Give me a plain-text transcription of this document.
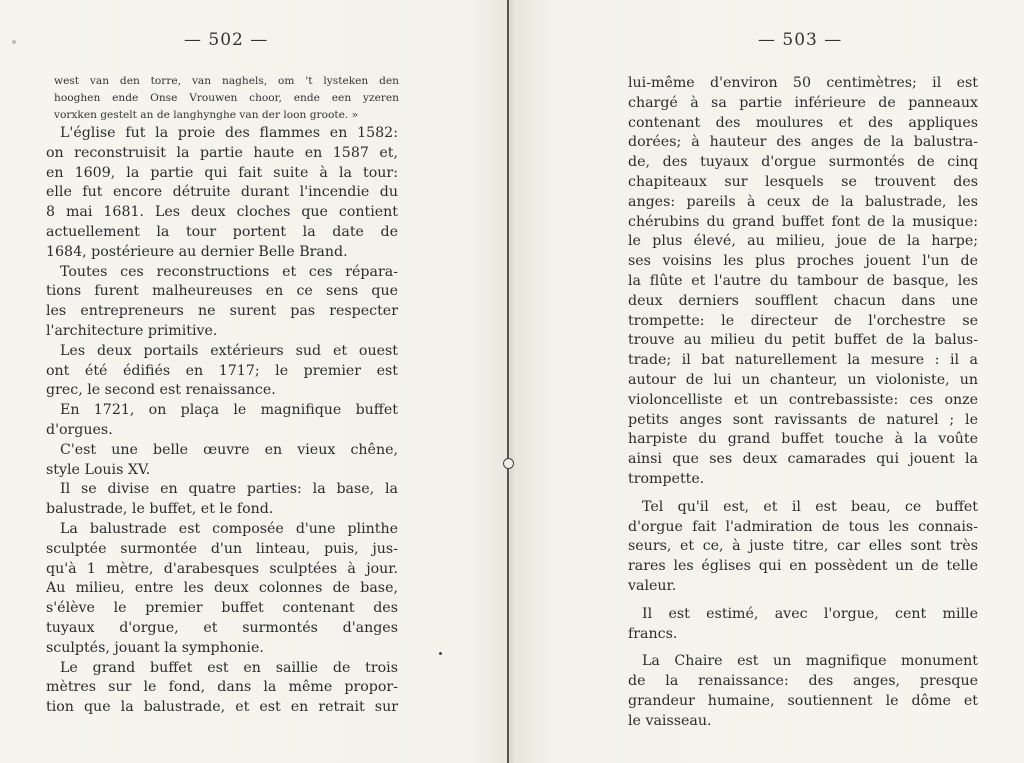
— 502 —
west van den torre, van naghels, om 't lysteken den
hooghen ende Onse Vrouwen choor, ende een yzeren
vorxken gestelt an de langhynghe van der loon groote. »
L'église fut la proie des flammes en 1582:
on reconstruisit la partie haute en 1587 et,
en 1609, la partie qui fait suite à la tour:
elle fut encore détruite durant l'incendie du
8 mai 1681. Les deux cloches que contient
actuellement la tour portent la date de
1684, postérieure au dernier Belle Brand.
Toutes ces reconstructions et ces répara-
tions furent malheureuses en ce sens que
les entrepreneurs ne surent pas respecter
l'architecture primitive.
Les deux portails extérieurs sud et ouest
ont été édifiés en 1717; le premier est
grec, le second est renaissance.
En 1721, on plaça le magnifique buffet
d'orgues.
C'est une belle œuvre en vieux chêne,
style Louis XV.
Il se divise en quatre parties: la base, la
balustrade, le buffet, et le fond.
La balustrade est composée d'une plinthe
sculptée surmontée d'un linteau, puis, jus-
qu'à 1 mètre, d'arabesques sculptées à jour.
Au milieu, entre les deux colonnes de base,
s'élève le premier buffet contenant des
tuyaux d'orgue, et surmontés d'anges
sculptés, jouant la symphonie.
Le grand buffet est en saillie de trois
mètres sur le fond, dans la même propor-
tion que la balustrade, et est en retrait sur
— 503 —
lui-même d'environ 50 centimètres; il est
chargé à sa partie inférieure de panneaux
contenant des moulures et des appliques
dorées; à hauteur des anges de la balustra-
de, des tuyaux d'orgue surmontés de cinq
chapiteaux sur lesquels se trouvent des
anges: pareils à ceux de la balustrade, les
chérubins du grand buffet font de la musique:
le plus élevé, au milieu, joue de la harpe;
ses voisins les plus proches jouent l'un de
la flûte et l'autre du tambour de basque, les
deux derniers soufflent chacun dans une
trompette: le directeur de l'orchestre se
trouve au milieu du petit buffet de la balus-
trade; il bat naturellement la mesure : il a
autour de lui un chanteur, un violoniste, un
violoncelliste et un contrebassiste: ces onze
petits anges sont ravissants de naturel ; le
harpiste du grand buffet touche à la voûte
ainsi que ses deux camarades qui jouent la
trompette.
Tel qu'il est, et il est beau, ce buffet
d'orgue fait l'admiration de tous les connais-
seurs, et ce, à juste titre, car elles sont très
rares les églises qui en possèdent un de telle
valeur.
Il est estimé, avec l'orgue, cent mille
francs.
La Chaire est un magnifique monument
de la renaissance: des anges, presque
grandeur humaine, soutiennent le dôme et
le vaisseau.
